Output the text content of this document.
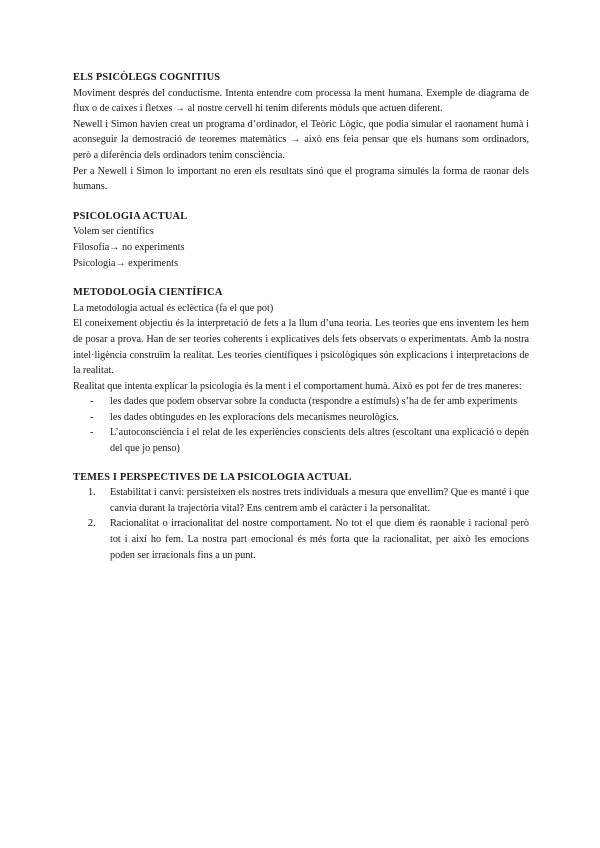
ELS PSICÒLEGS COGNITIUS

Moviment després del conductisme. Intenta entendre com processa la ment humana. Exemple de diagrama de flux o de caixes i fletxes → al nostre cervell hi tenim diferents mòduls que actuen diferent.

Newell i Simon havien creat un programa d’ordinador, el Teòric Lògic, que podia simular el raonament humà i aconseguir la demostració de teoremes matemàtics → això ens feia pensar que els humans som ordinadors, però a diferència dels ordinadors tenim consciència.

Per a Newell i Simon lo important no eren els resultats sinó que el programa simulés la forma de raonar dels humans.

PSICOLOGIA ACTUAL

Volem ser científics

Filosofía→ no experiments

Psicologia→ experiments

METODOLOGÍA CIENTÍFICA

La metodologia actual és eclèctica (fa el que pot)

El coneixement objectiu és la interpretació de fets a la llum d’una teoria. Les teories que ens inventem les hem de posar a prova. Han de ser teories coherents i explicatives dels fets observats o experimentats. Amb la nostra intel·ligència construïm la realitat. Les teories científiques i psicològiques són explicacions i interpretacions de la realitat.

Realitat que intenta explicar la psicologia és la ment i el comportament humà. Això es pot fer de tres maneres:

- les dades que podem observar sobre la conducta (respondre a estímuls) s’ha de fer amb experiments
- les dades obtingudes en les exploracions dels mecanismes neurològics.
- L’autoconsciència i el relat de les experiències conscients dels altres (escoltant una explicació o depèn del que jo penso)
TEMES I PERSPECTIVES DE LA PSICOLOGIA ACTUAL
1. Estabilitat i canvi: persisteixen els nostres trets individuals a mesura que envellim? Que es manté i que canvia durant la trajectòria vital? Ens centrem amb el caràcter i la personalitat.
2. Racionalitat o irracionalitat del nostre comportament. No tot el que diem és raonable i racional però tot i així ho fem. La nostra part emocional és més forta que la racionalitat, per això les emocions poden ser irracionals fins a un punt.
